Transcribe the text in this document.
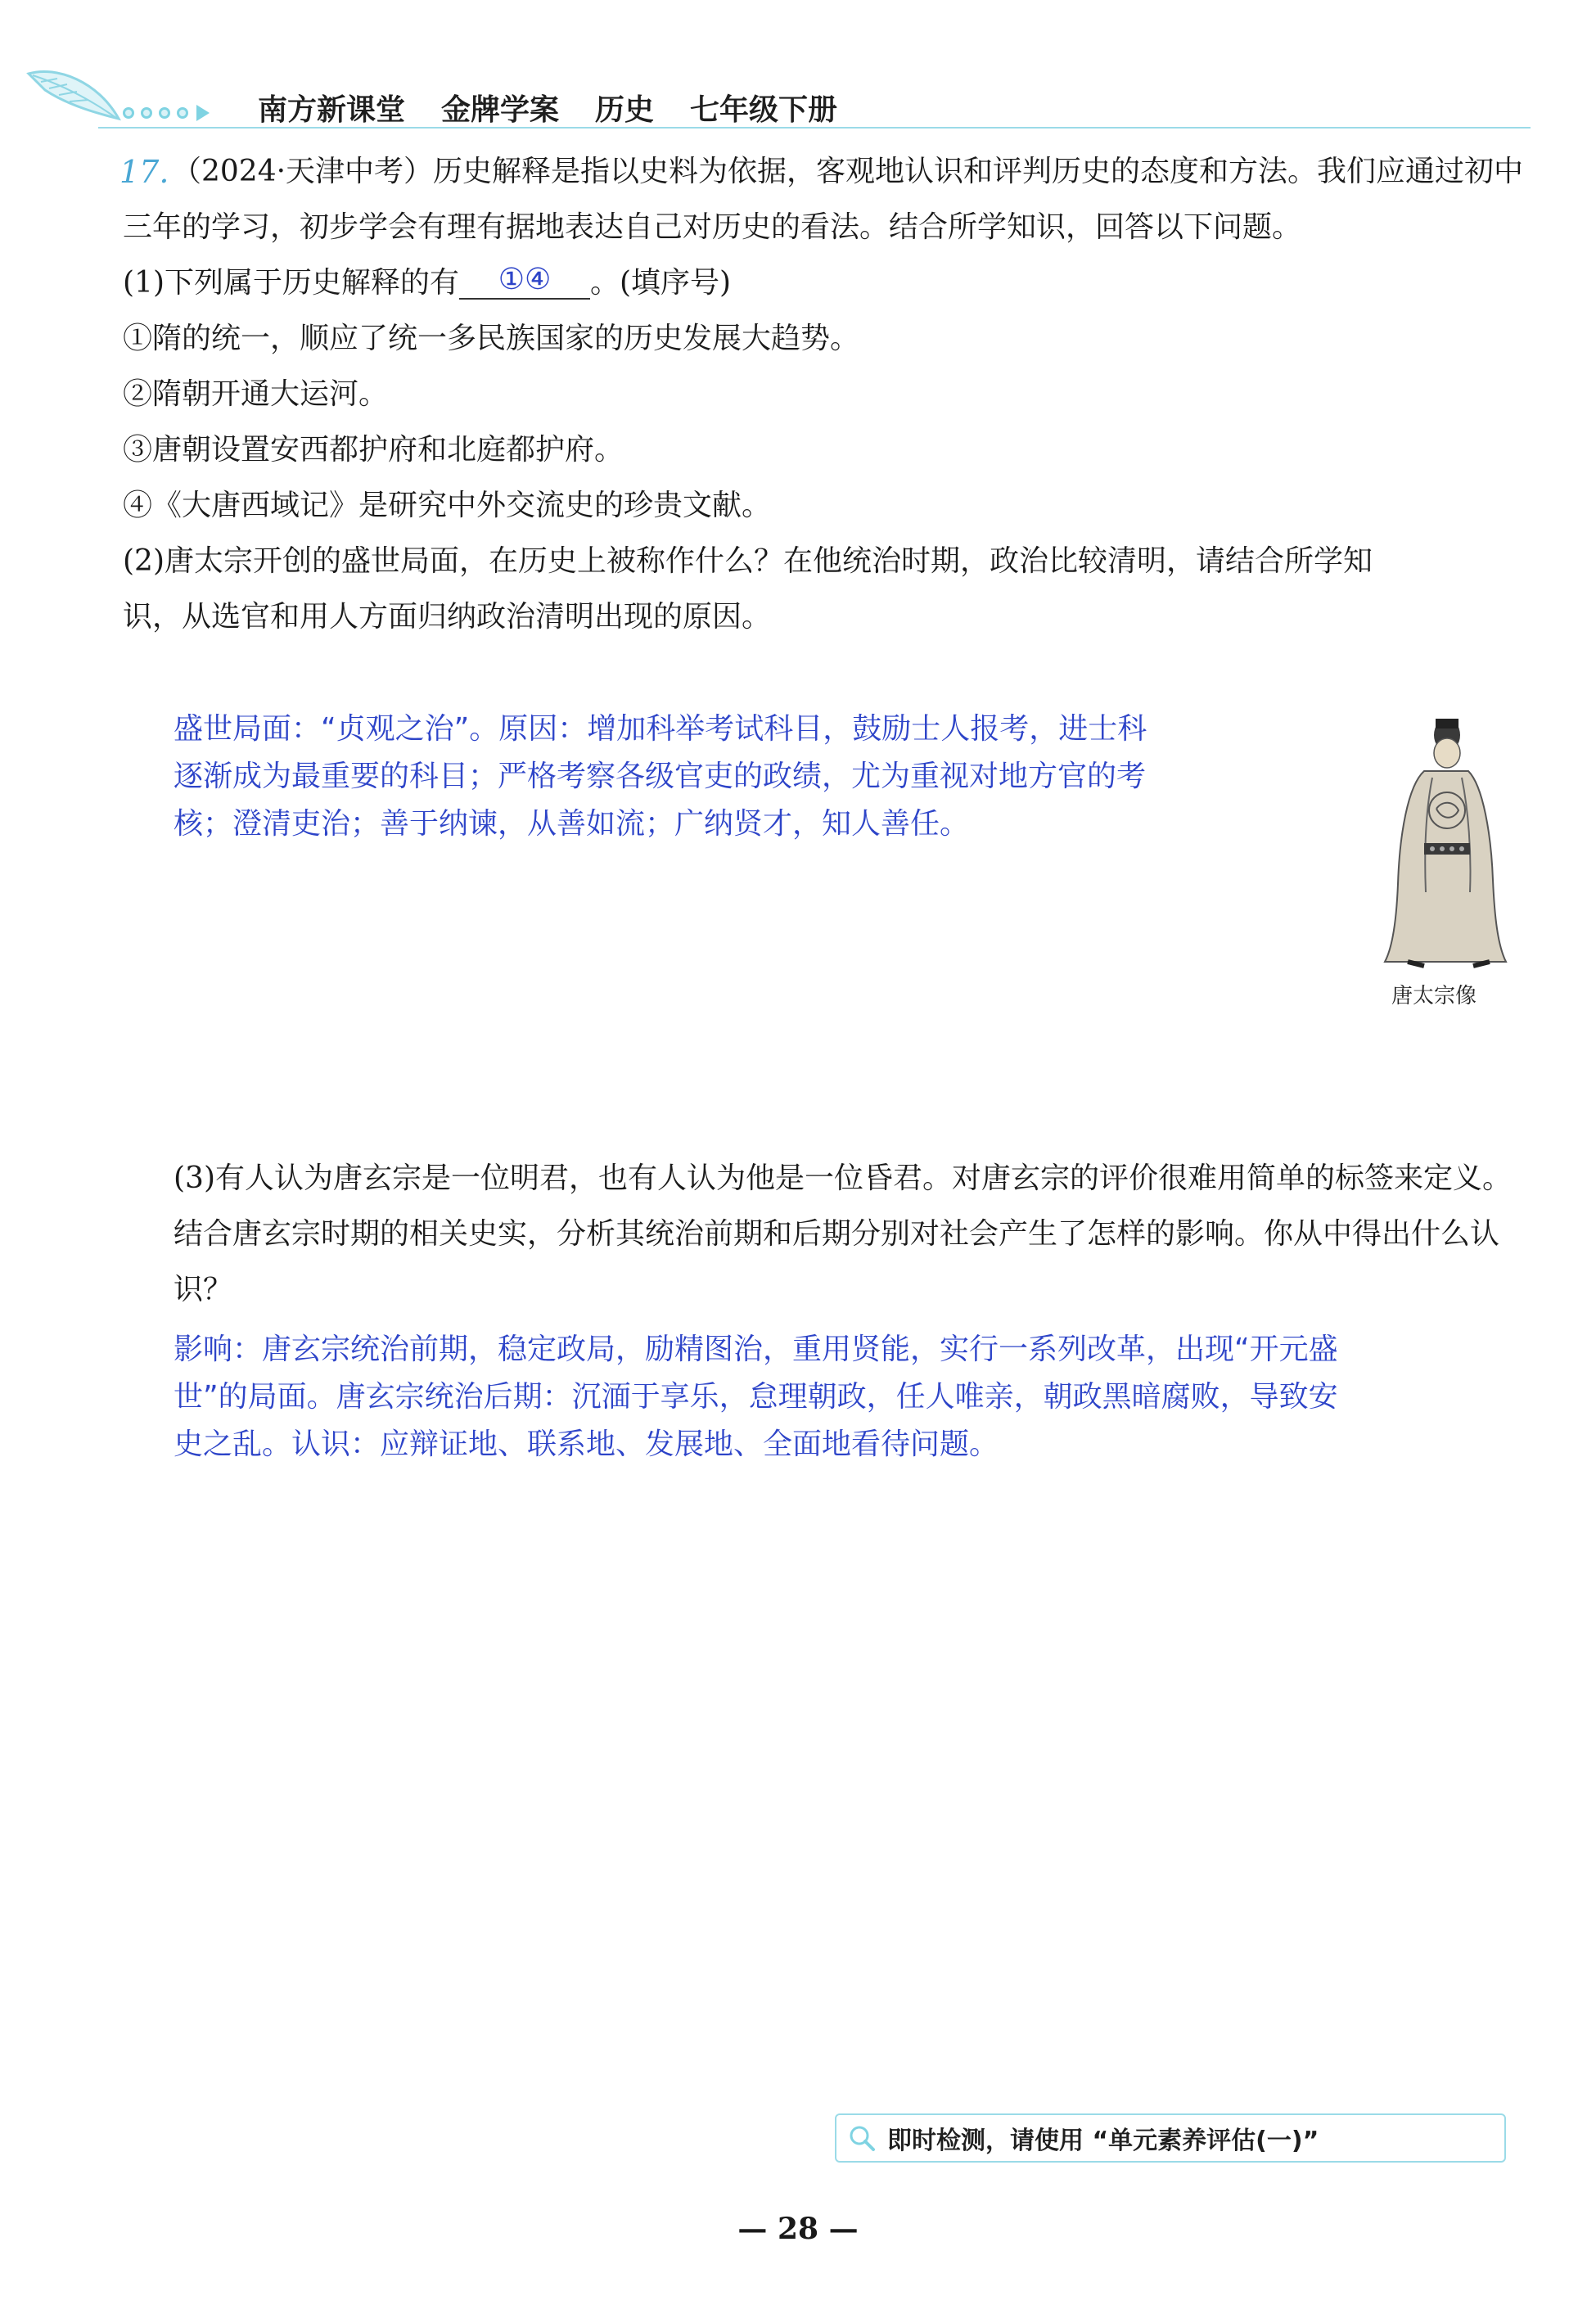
南方新课堂 金牌学案 历史 七年级下册
17. （2024·天津中考）历史解释是指以史料为依据，客观地认识和评判历史的态度和方法。我们应通过初中三年的学习，初步学会有理有据地表达自己对历史的看法。结合所学知识，回答以下问题。

(1)下列属于历史解释的有 ①④ 。(填序号)

①隋的统一，顺应了统一多民族国家的历史发展大趋势。

②隋朝开通大运河。

③唐朝设置安西都护府和北庭都护府。

④《大唐西域记》是研究中外交流史的珍贵文献。

(2)唐太宗开创的盛世局面，在历史上被称作什么？在他统治时期，政治比较清明，请结合所学知

识，从选官和用人方面归纳政治清明出现的原因。

盛世局面：“贞观之治”。原因：增加科举考试科目，鼓励士人报考，进士科
逐渐成为最重要的科目；严格考察各级官吏的政绩，尤为重视对地方官的考
核；澄清吏治；善于纳谏，从善如流；广纳贤才，知人善任。
唐太宗像
(3)有人认为唐玄宗是一位明君，也有人认为他是一位昏君。对唐玄宗的评价很难用简单的标签来定义。结合唐玄宗时期的相关史实，分析其统治前期和后期分别对社会产生了怎样的影响。你从中得出什么认识？
影响：唐玄宗统治前期，稳定政局，励精图治，重用贤能，实行一系列改革，出现“开元盛
世”的局面。唐玄宗统治后期：沉湎于享乐，怠理朝政，任人唯亲，朝政黑暗腐败，导致安
史之乱。认识：应辩证地、联系地、发展地、全面地看待问题。
即时检测，请使用 “单元素养评估(一)”
— 28 —
